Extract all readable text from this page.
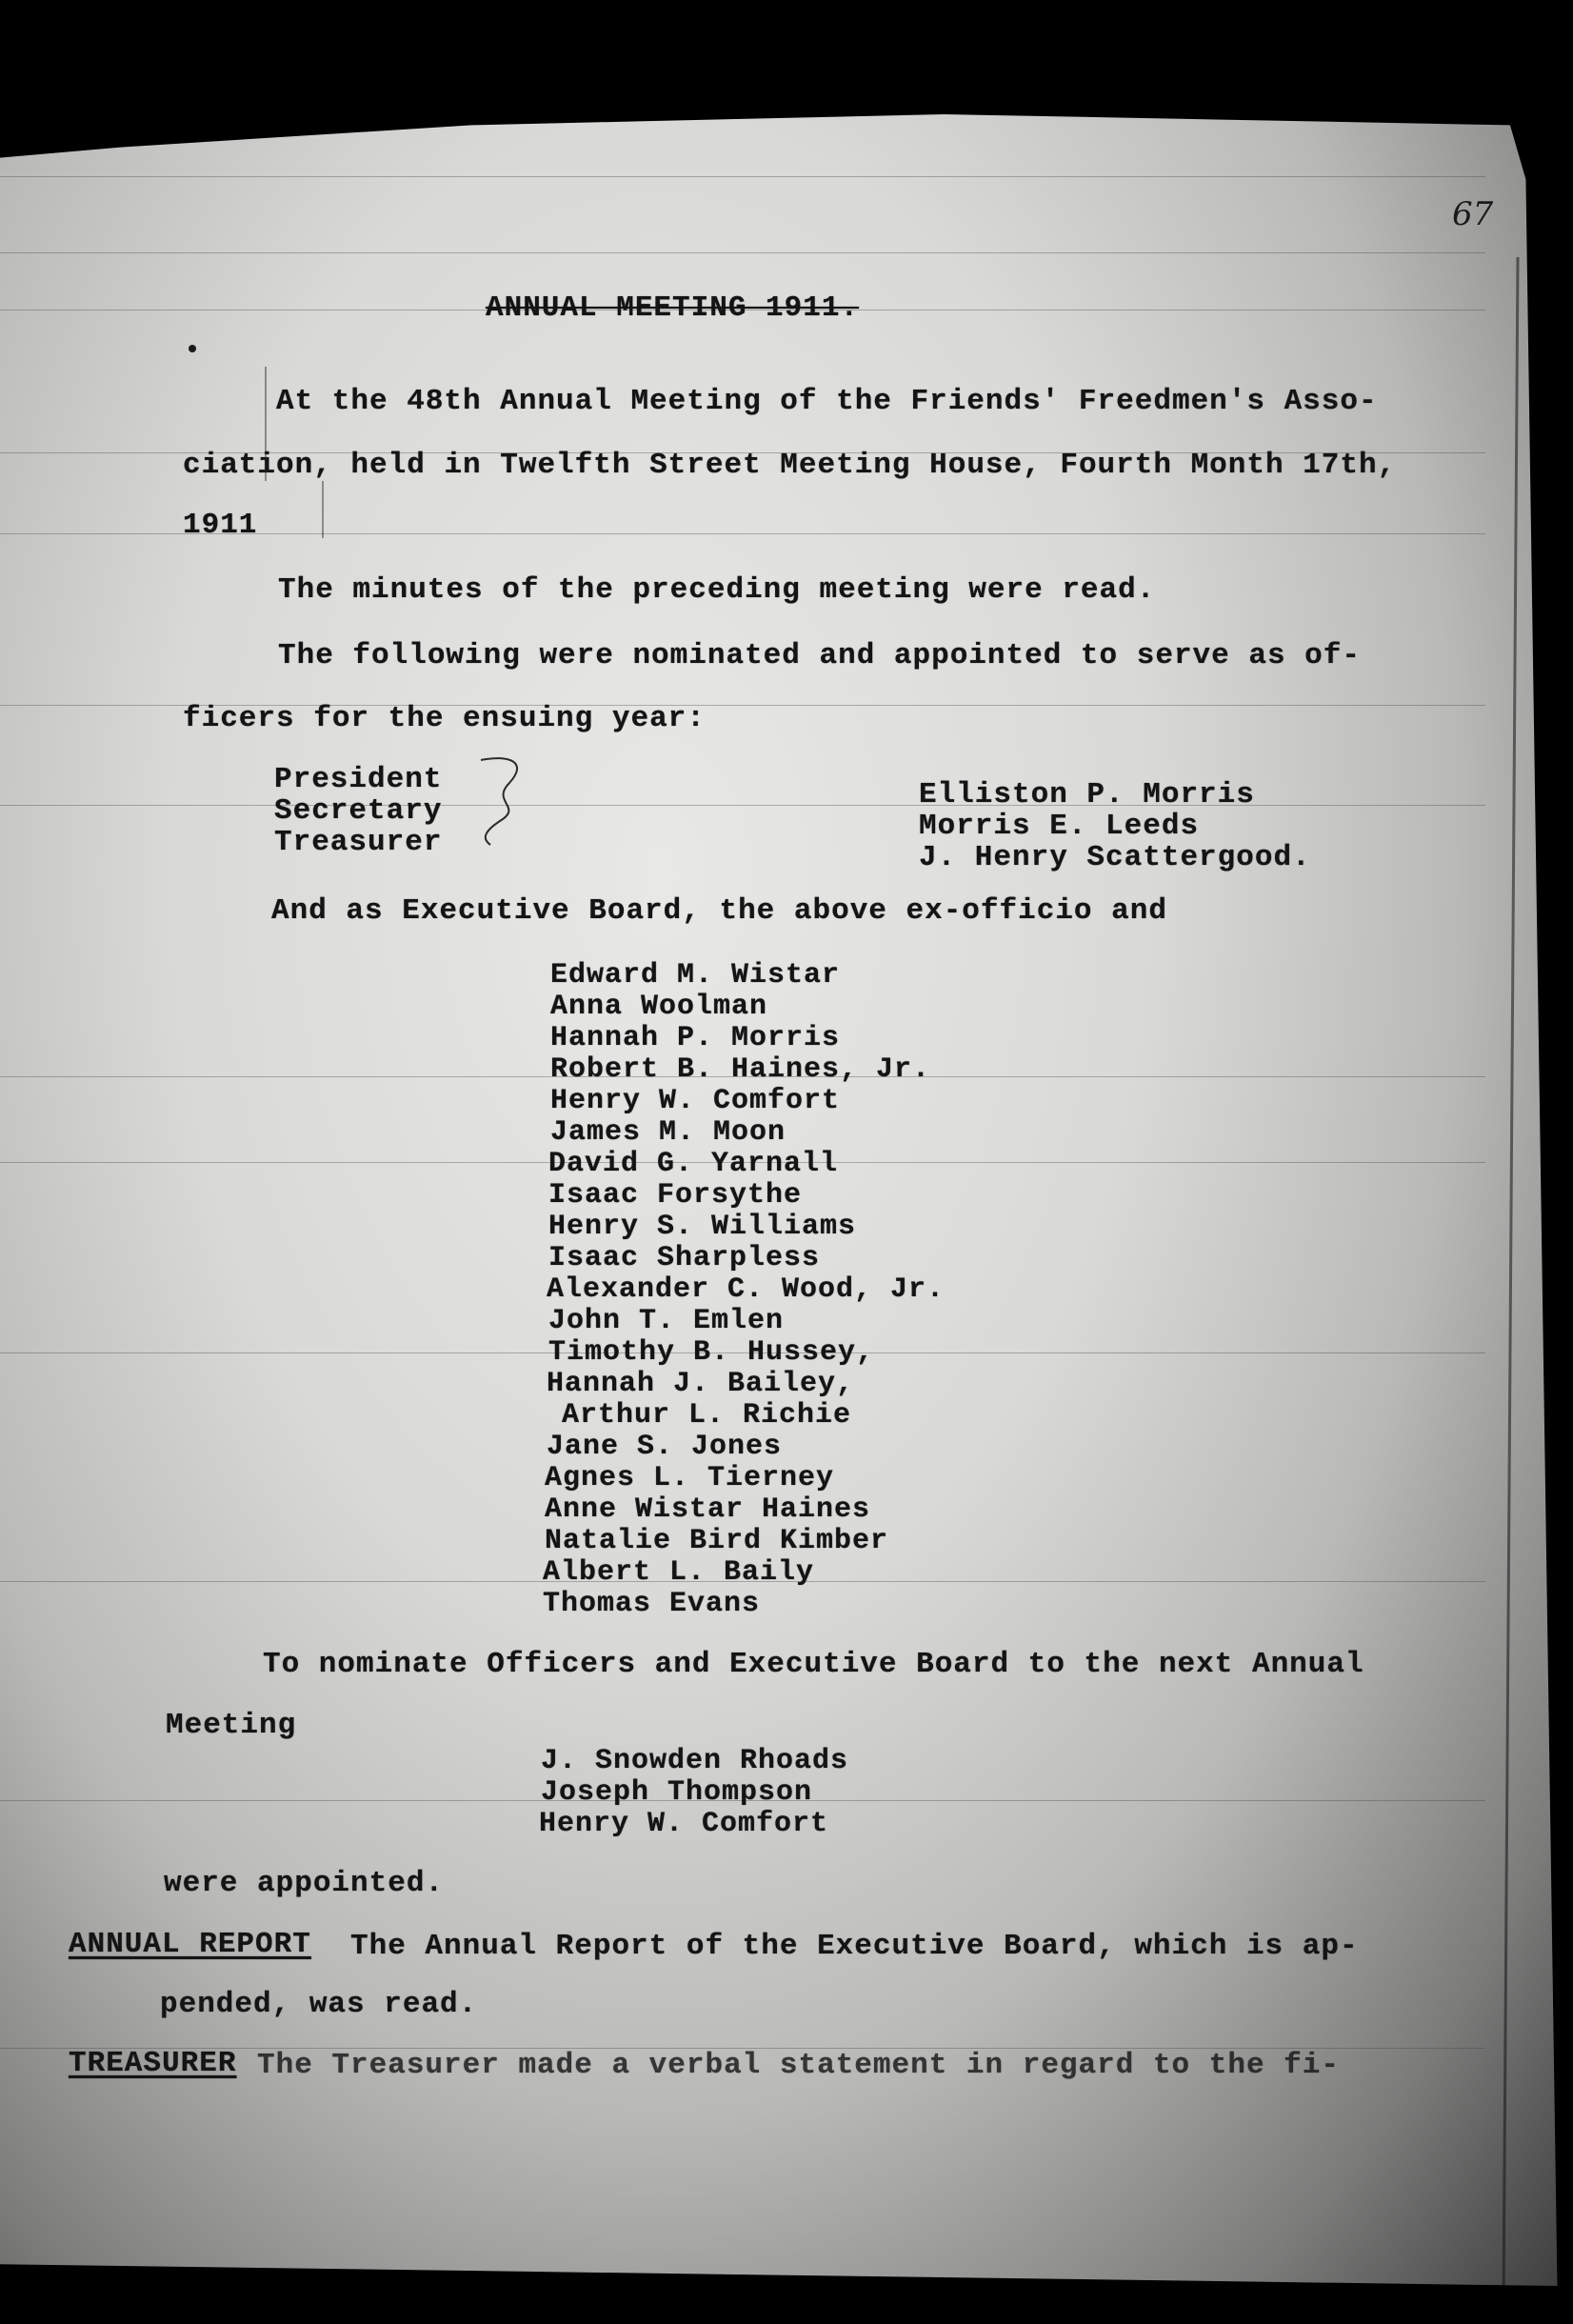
67
ANNUAL MEETING 1911.
At the 48th Annual Meeting of the Friends' Freedmen's Asso-
ciation, held in Twelfth Street Meeting House, Fourth Month 17th,
1911
The minutes of the preceding meeting were read.
The following were nominated and appointed to serve as of-
ficers for the ensuing year:
President
Secretary
Treasurer
Elliston P. Morris
Morris E. Leeds
J. Henry Scattergood.
And as Executive Board, the above ex-officio and
Edward M. Wistar
Anna Woolman
Hannah P. Morris
Robert B. Haines, Jr.
Henry W. Comfort
James M. Moon
David G. Yarnall
Isaac Forsythe
Henry S. Williams
Isaac Sharpless
Alexander C. Wood, Jr.
John T. Emlen
Timothy B. Hussey,
Hannah J. Bailey,
Arthur L. Richie
Jane S. Jones
Agnes L. Tierney
Anne Wistar Haines
Natalie Bird Kimber
Albert L. Baily
Thomas Evans
To nominate Officers and Executive Board to the next Annual
Meeting
J. Snowden Rhoads
Joseph Thompson
Henry W. Comfort
were appointed.
ANNUAL REPORT The Annual Report of the Executive Board, which is ap-
pended, was read.
TREASURER The Treasurer made a verbal statement in regard to the fi-
